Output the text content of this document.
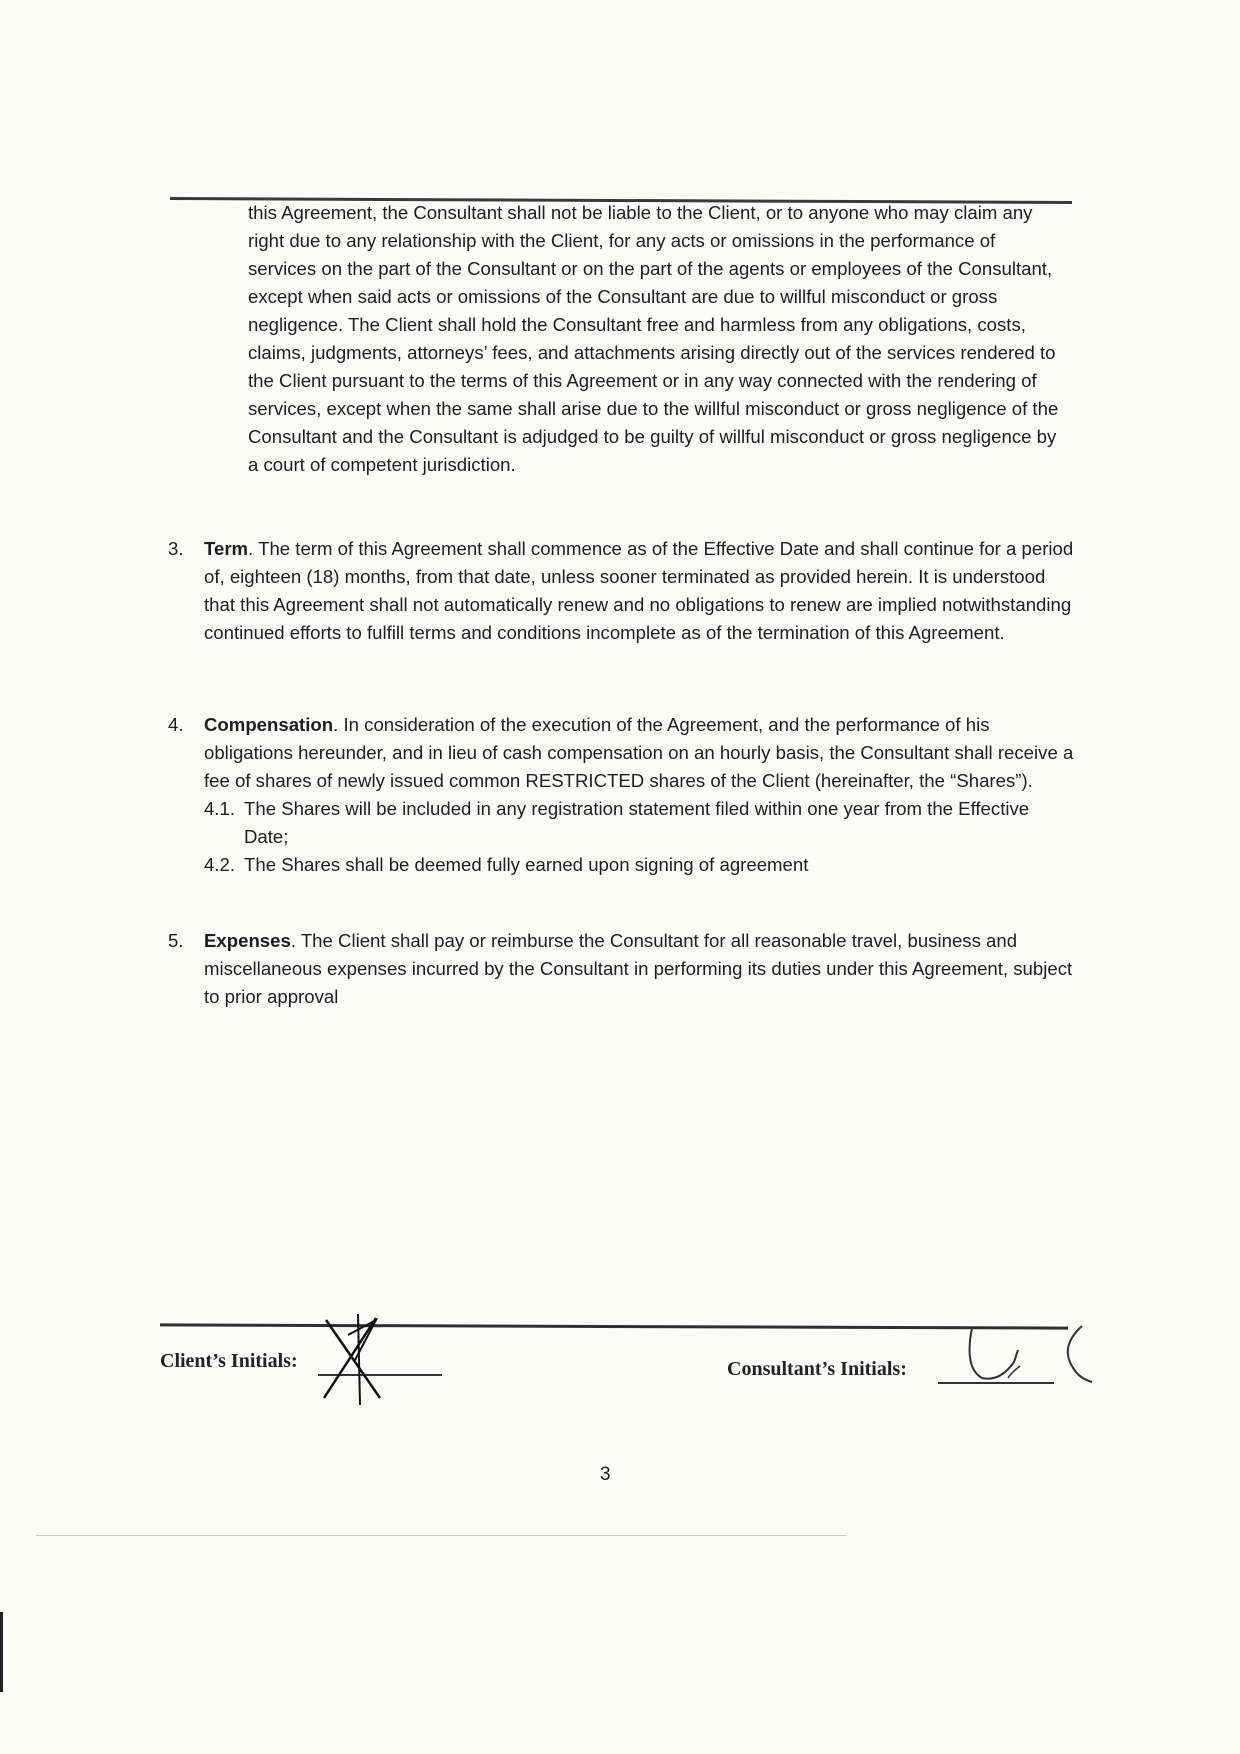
this Agreement, the Consultant shall not be liable to the Client, or to anyone who may claim any right due to any relationship with the Client, for any acts or omissions in the performance of services on the part of the Consultant or on the part of the agents or employees of the Consultant, except when said acts or omissions of the Consultant are due to willful misconduct or gross negligence. The Client shall hold the Consultant free and harmless from any obligations, costs, claims, judgments, attorneys’ fees, and attachments arising directly out of the services rendered to the Client pursuant to the terms of this Agreement or in any way connected with the rendering of services, except when the same shall arise due to the willful misconduct or gross negligence of the Consultant and the Consultant is adjudged to be guilty of willful misconduct or gross negligence by a court of competent jurisdiction.
3.	Term. The term of this Agreement shall commence as of the Effective Date and shall continue for a period of, eighteen (18) months, from that date, unless sooner terminated as provided herein. It is understood that this Agreement shall not automatically renew and no obligations to renew are implied notwithstanding continued efforts to fulfill terms and conditions incomplete as of the termination of this Agreement.
4.	Compensation. In consideration of the execution of the Agreement, and the performance of his obligations hereunder, and in lieu of cash compensation on an hourly basis, the Consultant shall receive a fee of shares of newly issued common RESTRICTED shares of the Client (hereinafter, the “Shares”).
4.1. The Shares will be included in any registration statement filed within one year from the Effective Date;
4.2. The Shares shall be deemed fully earned upon signing of agreement
5.	Expenses. The Client shall pay or reimburse the Consultant for all reasonable travel, business and miscellaneous expenses incurred by the Consultant in performing its duties under this Agreement, subject to prior approval
Client’s Initials:	Consultant’s Initials:
3
